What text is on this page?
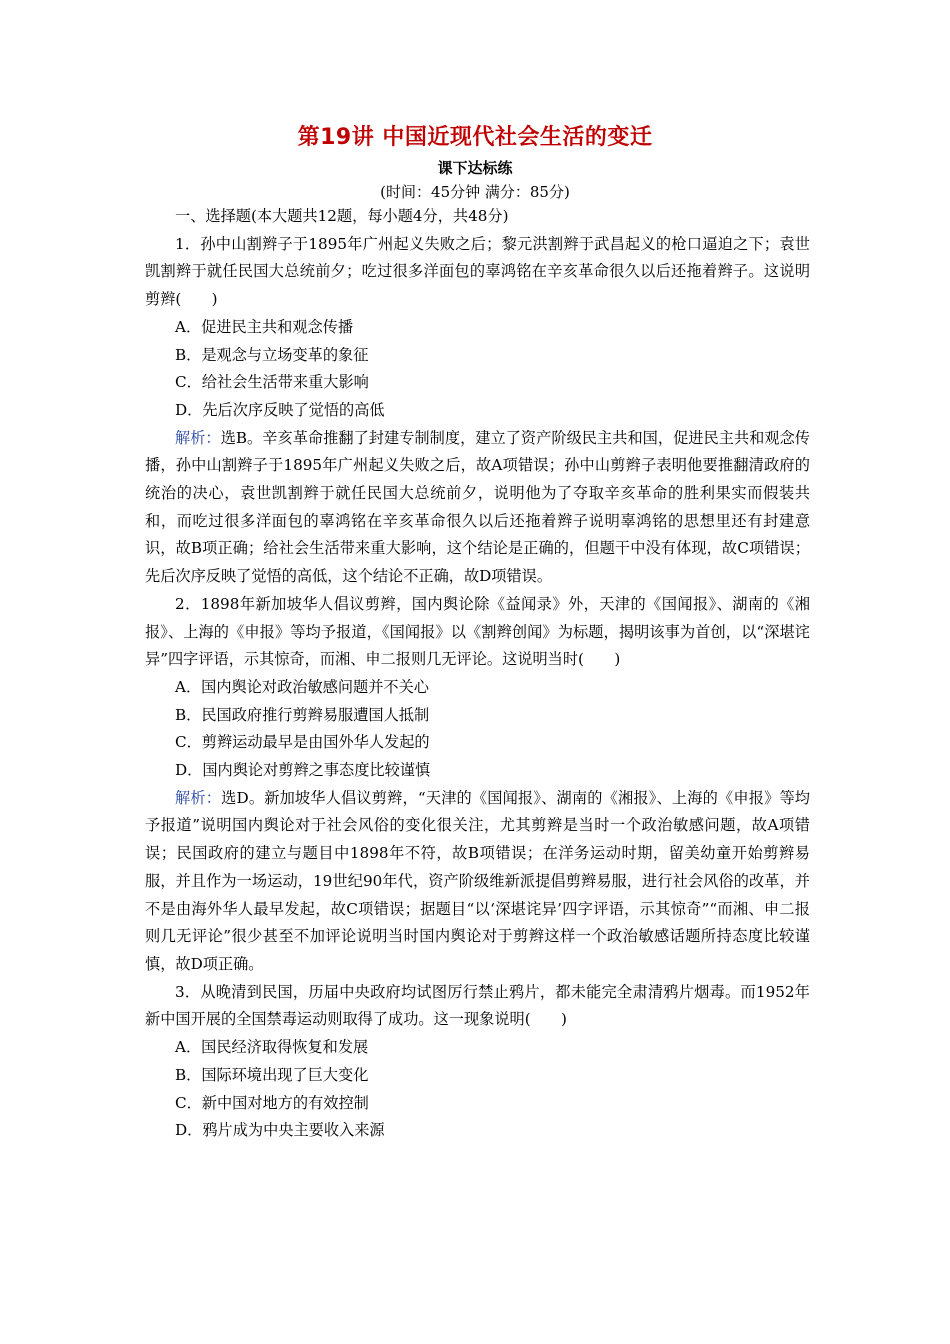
第19讲 中国近现代社会生活的变迁
课下达标练
(时间：45分钟 满分：85分)

一、选择题(本大题共12题，每小题4分，共48分)

1．孙中山割辫子于1895年广州起义失败之后；黎元洪割辫于武昌起义的枪口逼迫之下；袁世凯割辫于就任民国大总统前夕；吃过很多洋面包的辜鸿铭在辛亥革命很久以后还拖着辫子。这说明剪辫(　　)

A．促进民主共和观念传播

B．是观念与立场变革的象征

C．给社会生活带来重大影响

D．先后次序反映了觉悟的高低

解析：选B。辛亥革命推翻了封建专制制度，建立了资产阶级民主共和国，促进民主共和观念传播，孙中山割辫子于1895年广州起义失败之后，故A项错误；孙中山剪辫子表明他要推翻清政府的统治的决心，袁世凯割辫于就任民国大总统前夕，说明他为了夺取辛亥革命的胜利果实而假装共和，而吃过很多洋面包的辜鸿铭在辛亥革命很久以后还拖着辫子说明辜鸿铭的思想里还有封建意识，故B项正确；给社会生活带来重大影响，这个结论是正确的，但题干中没有体现，故C项错误；先后次序反映了觉悟的高低，这个结论不正确，故D项错误。

2．1898年新加坡华人倡议剪辫，国内舆论除《益闻录》外，天津的《国闻报》、湖南的《湘报》、上海的《申报》等均予报道，《国闻报》以《割辫创闻》为标题，揭明该事为首创，以“深堪诧异”四字评语，示其惊奇，而湘、申二报则几无评论。这说明当时(　　)

A．国内舆论对政治敏感问题并不关心

B．民国政府推行剪辫易服遭国人抵制

C．剪辫运动最早是由国外华人发起的

D．国内舆论对剪辫之事态度比较谨慎

解析：选D。新加坡华人倡议剪辫，“天津的《国闻报》、湖南的《湘报》、上海的《申报》等均予报道”说明国内舆论对于社会风俗的变化很关注，尤其剪辫是当时一个政治敏感问题，故A项错误；民国政府的建立与题目中1898年不符，故B项错误；在洋务运动时期，留美幼童开始剪辫易服，并且作为一场运动，19世纪90年代，资产阶级维新派提倡剪辫易服，进行社会风俗的改革，并不是由海外华人最早发起，故C项错误；据题目“以‘深堪诧异’四字评语，示其惊奇”“而湘、申二报则几无评论”很少甚至不加评论说明当时国内舆论对于剪辫这样一个政治敏感话题所持态度比较谨慎，故D项正确。

3．从晚清到民国，历届中央政府均试图厉行禁止鸦片，都未能完全肃清鸦片烟毒。而1952年新中国开展的全国禁毒运动则取得了成功。这一现象说明(　　)

A．国民经济取得恢复和发展

B．国际环境出现了巨大变化

C．新中国对地方的有效控制

D．鸦片成为中央主要收入来源
